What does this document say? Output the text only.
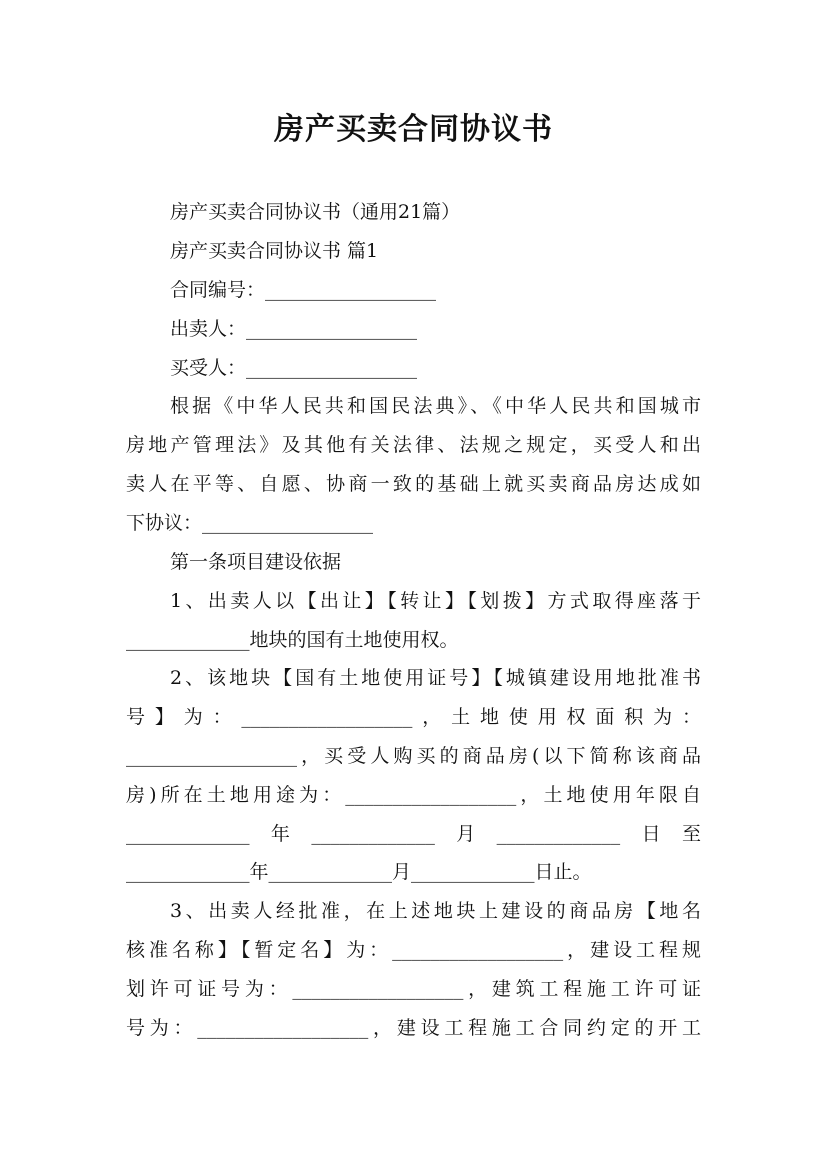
房产买卖合同协议书
房产买卖合同协议书（通用21篇）
房产买卖合同协议书 篇1
合同编号：__________________
出卖人：__________________
买受人：__________________
根据《中华人民共和国民法典》、《中华人民共和国城市
房地产管理法》及其他有关法律、法规之规定，买受人和出
卖人在平等、自愿、协商一致的基础上就买卖商品房达成如
下协议：__________________
第一条项目建设依据
1、出卖人以【出让】【转让】【划拨】方式取得座落于
_____________地块的国有土地使用权。
2、该地块【国有土地使用证号】【城镇建设用地批准书
号】为：__________________，土地使用权面积为：
__________________，买受人购买的商品房(以下简称该商品
房)所在土地用途为：__________________，土地使用年限自
_____________年_____________月_____________日至
_____________年_____________月_____________日止。
3、出卖人经批准，在上述地块上建设的商品房【地名
核准名称】【暂定名】为：__________________，建设工程规
划许可证号为：__________________，建筑工程施工许可证
号为：__________________，建设工程施工合同约定的开工
